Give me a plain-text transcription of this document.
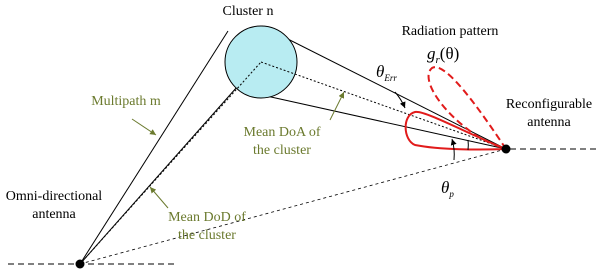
Cluster n
Radiation pattern
$g_r(\theta)$
$\theta_{Err}$
Reconfigurable
antenna
$\theta_p$
Multipath m
Mean DoA of
the cluster
Mean DoD of
the cluster
Omni-directional
antenna
